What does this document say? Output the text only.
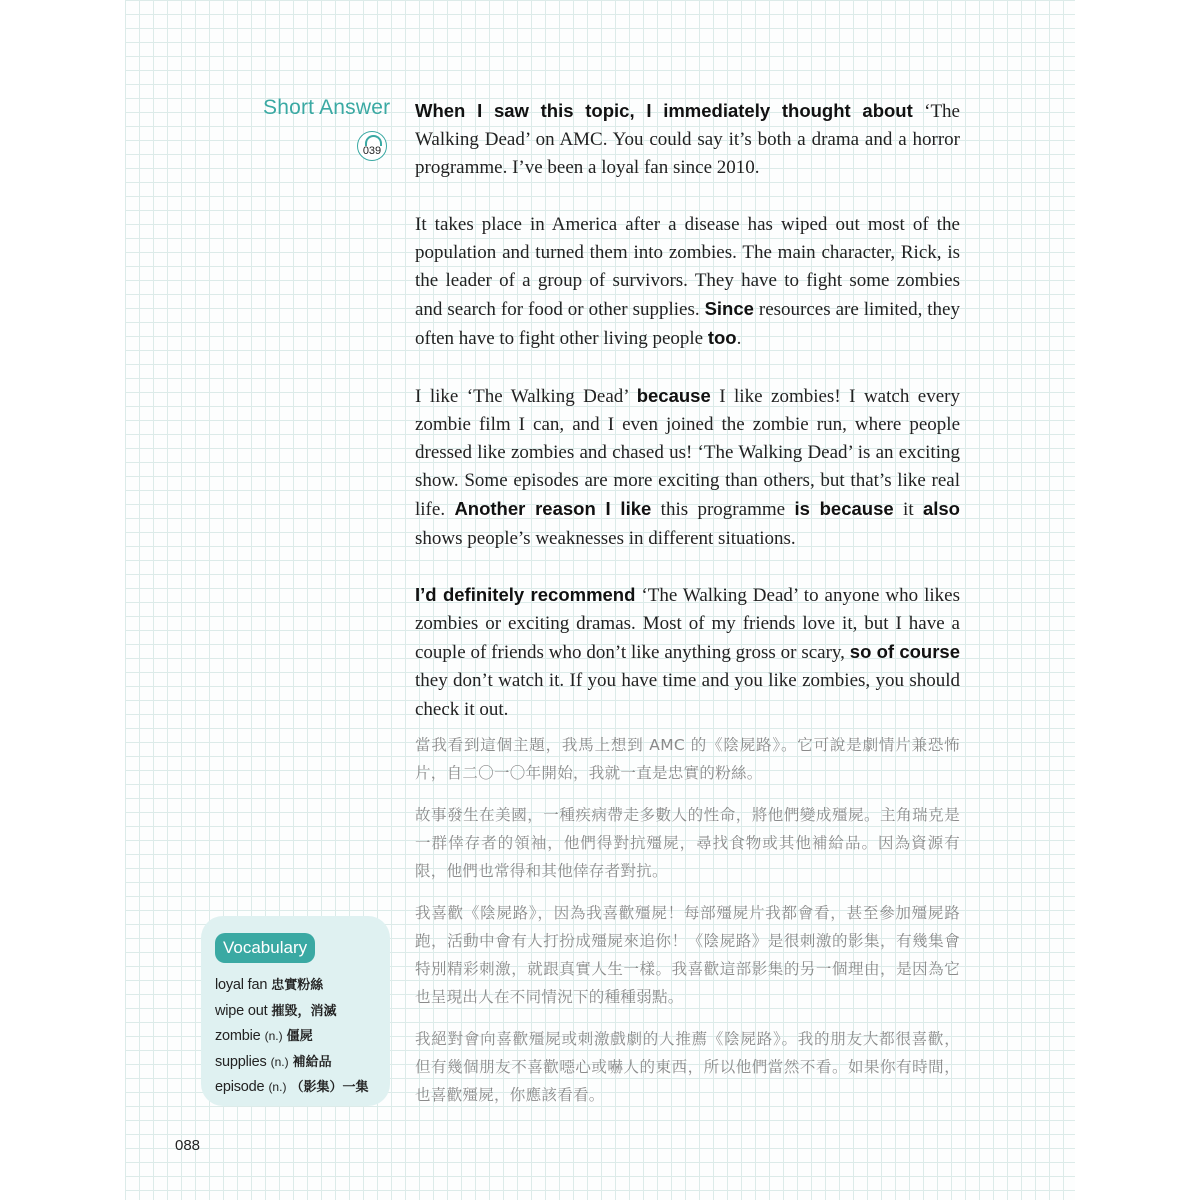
Short Answer
039

When I saw this topic, I immediately thought about ‘The Walking Dead’ on AMC. You could say it’s both a drama and a horror programme. I’ve been a loyal fan since 2010.

It takes place in America after a disease has wiped out most of the population and turned them into zombies. The main character, Rick, is the leader of a group of survivors. They have to fight some zombies and search for food or other supplies. Since resources are limited, they often have to fight other living people too.

I like ‘The Walking Dead’ because I like zombies! I watch every zombie film I can, and I even joined the zombie run, where people dressed like zombies and chased us! ‘The Walking Dead’ is an exciting show. Some episodes are more exciting than others, but that’s like real life. Another reason I like this programme is because it also shows people’s weaknesses in different situations.

I’d definitely recommend ‘The Walking Dead’ to anyone who likes zombies or exciting dramas. Most of my friends love it, but I have a couple of friends who don’t like anything gross or scary, so of course they don’t watch it. If you have time and you like zombies, you should check it out.

當我看到這個主題，我馬上想到 AMC 的《陰屍路》。它可說是劇情片兼恐怖片，自二〇一〇年開始，我就一直是忠實的粉絲。

故事發生在美國，一種疾病帶走多數人的性命，將他們變成殭屍。主角瑞克是一群倖存者的領袖，他們得對抗殭屍，尋找食物或其他補給品。因為資源有限，他們也常得和其他倖存者對抗。

我喜歡《陰屍路》，因為我喜歡殭屍！每部殭屍片我都會看，甚至參加殭屍路跑，活動中會有人打扮成殭屍來追你！《陰屍路》是很刺激的影集，有幾集會特別精彩刺激，就跟真實人生一樣。我喜歡這部影集的另一個理由，是因為它也呈現出人在不同情況下的種種弱點。

我絕對會向喜歡殭屍或刺激戲劇的人推薦《陰屍路》。我的朋友大都很喜歡，但有幾個朋友不喜歡噁心或嚇人的東西，所以他們當然不看。如果你有時間，也喜歡殭屍，你應該看看。

Vocabulary
loyal fan 忠實粉絲
wipe out 摧毀，消滅
zombie (n.) 僵屍
supplies (n.) 補給品
episode (n.) （影集）一集
088
